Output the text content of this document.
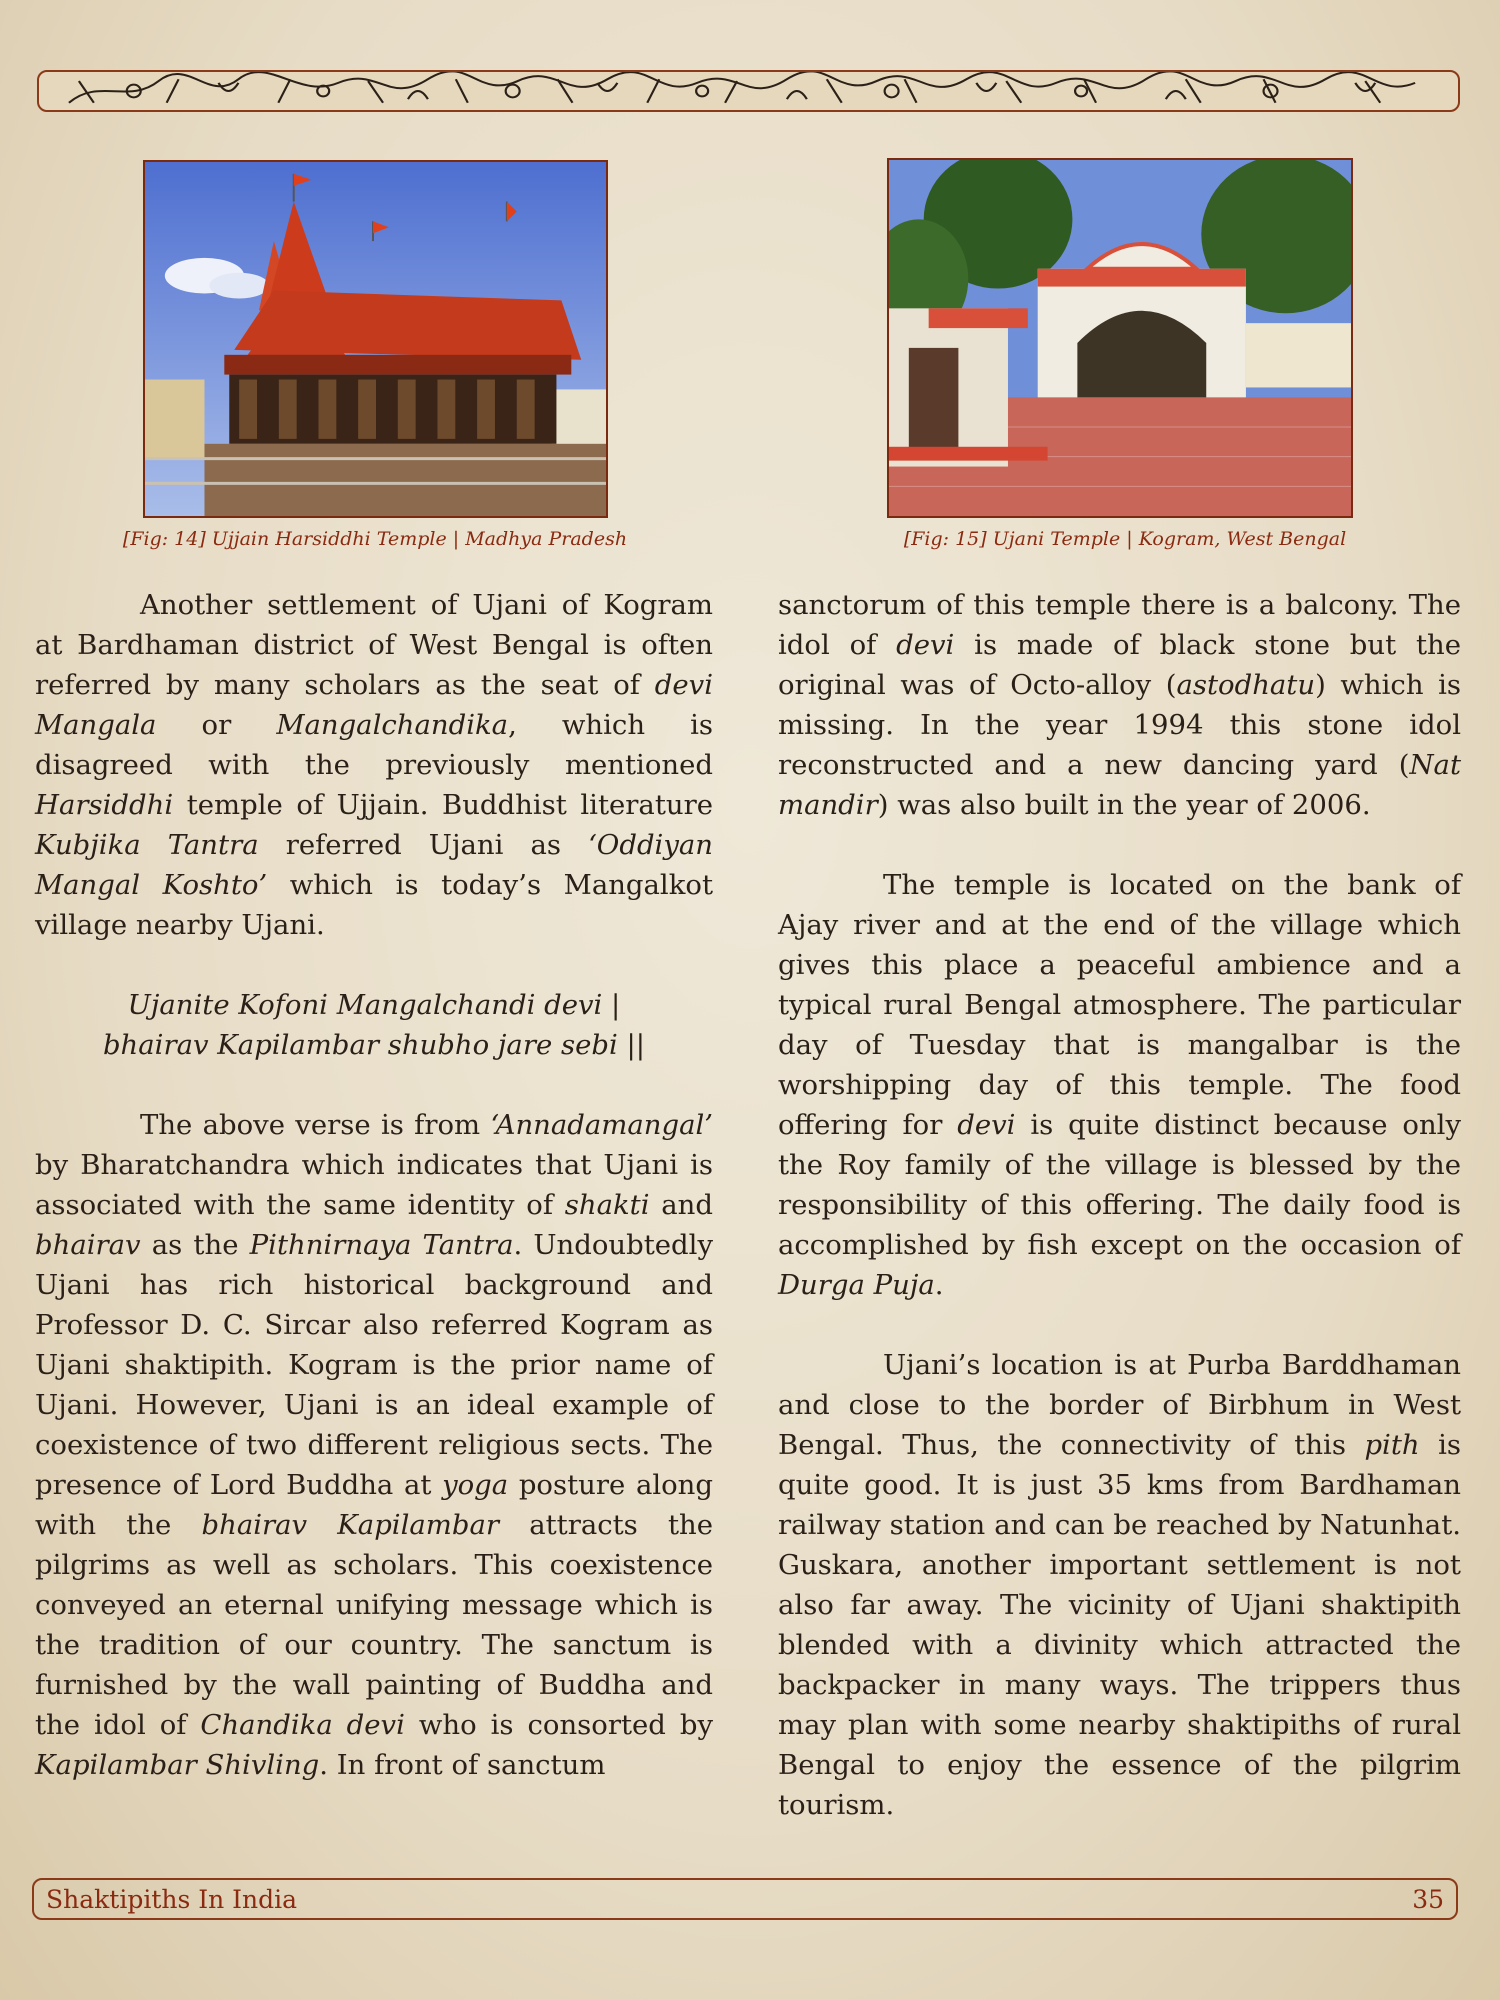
[Fig: 14] Ujjain Harsiddhi Temple | Madhya Pradesh	[Fig: 15] Ujani Temple | Kogram, West Bengal

Another settlement of Ujani of Kogram at Bardhaman district of West Bengal is often referred by many scholars as the seat of devi Mangala or Mangalchandika, which is disagreed with the previously mentioned Harsiddhi temple of Ujjain. Buddhist literature Kubjika Tantra referred Ujani as ‘Oddiyan Mangal Koshto’ which is today’s Mangalkot village nearby Ujani.

Ujanite Kofoni Mangalchandi devi |
bhairav Kapilambar shubho jare sebi ||

The above verse is from ‘Annadamangal’ by Bharatchandra which indicates that Ujani is associated with the same identity of shakti and bhairav as the Pithnirnaya Tantra. Undoubtedly Ujani has rich historical background and Professor D. C. Sircar also referred Kogram as Ujani shaktipith. Kogram is the prior name of Ujani. However, Ujani is an ideal example of coexistence of two different religious sects. The presence of Lord Buddha at yoga posture along with the bhairav Kapilambar attracts the pilgrims as well as scholars. This coexistence conveyed an eternal unifying message which is the tradition of our country. The sanctum is furnished by the wall painting of Buddha and the idol of Chandika devi who is consorted by Kapilambar Shivling. In front of sanctum

sanctorum of this temple there is a balcony. The idol of devi is made of black stone but the original was of Octo-alloy (astodhatu) which is missing. In the year 1994 this stone idol reconstructed and a new dancing yard (Nat mandir) was also built in the year of 2006.

The temple is located on the bank of Ajay river and at the end of the village which gives this place a peaceful ambience and a typical rural Bengal atmosphere. The particular day of Tuesday that is mangalbar is the worshipping day of this temple. The food offering for devi is quite distinct because only the Roy family of the village is blessed by the responsibility of this offering. The daily food is accomplished by fish except on the occasion of Durga Puja.

Ujani’s location is at Purba Barddhaman and close to the border of Birbhum in West Bengal. Thus, the connectivity of this pith is quite good. It is just 35 kms from Bardhaman railway station and can be reached by Natunhat. Guskara, another important settlement is not also far away. The vicinity of Ujani shaktipith blended with a divinity which attracted the backpacker in many ways. The trippers thus may plan with some nearby shaktipiths of rural Bengal to enjoy the essence of the pilgrim tourism.

Shaktipiths In India	35
